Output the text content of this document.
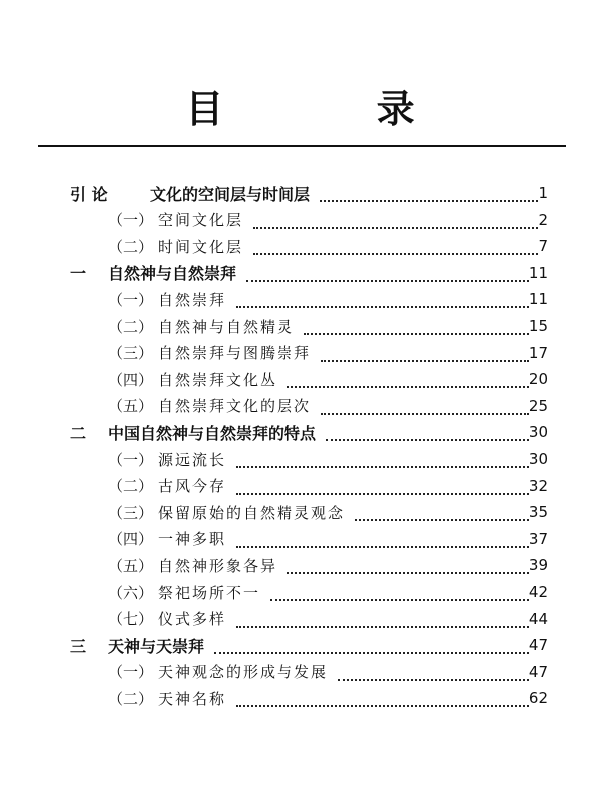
目 录
引 论	文化的空间层与时间层	1
（一） 空间文化层	2
（二） 时间文化层	7
一	自然神与自然崇拜	11
（一） 自然崇拜	11
（二） 自然神与自然精灵	15
（三） 自然崇拜与图腾崇拜	17
（四） 自然崇拜文化丛	20
（五） 自然崇拜文化的层次	25
二	中国自然神与自然崇拜的特点	30
（一） 源远流长	30
（二） 古风今存	32
（三） 保留原始的自然精灵观念	35
（四） 一神多职	37
（五） 自然神形象各异	39
（六） 祭祀场所不一	42
（七） 仪式多样	44
三	天神与天崇拜	47
（一） 天神观念的形成与发展	47
（二） 天神名称	62
